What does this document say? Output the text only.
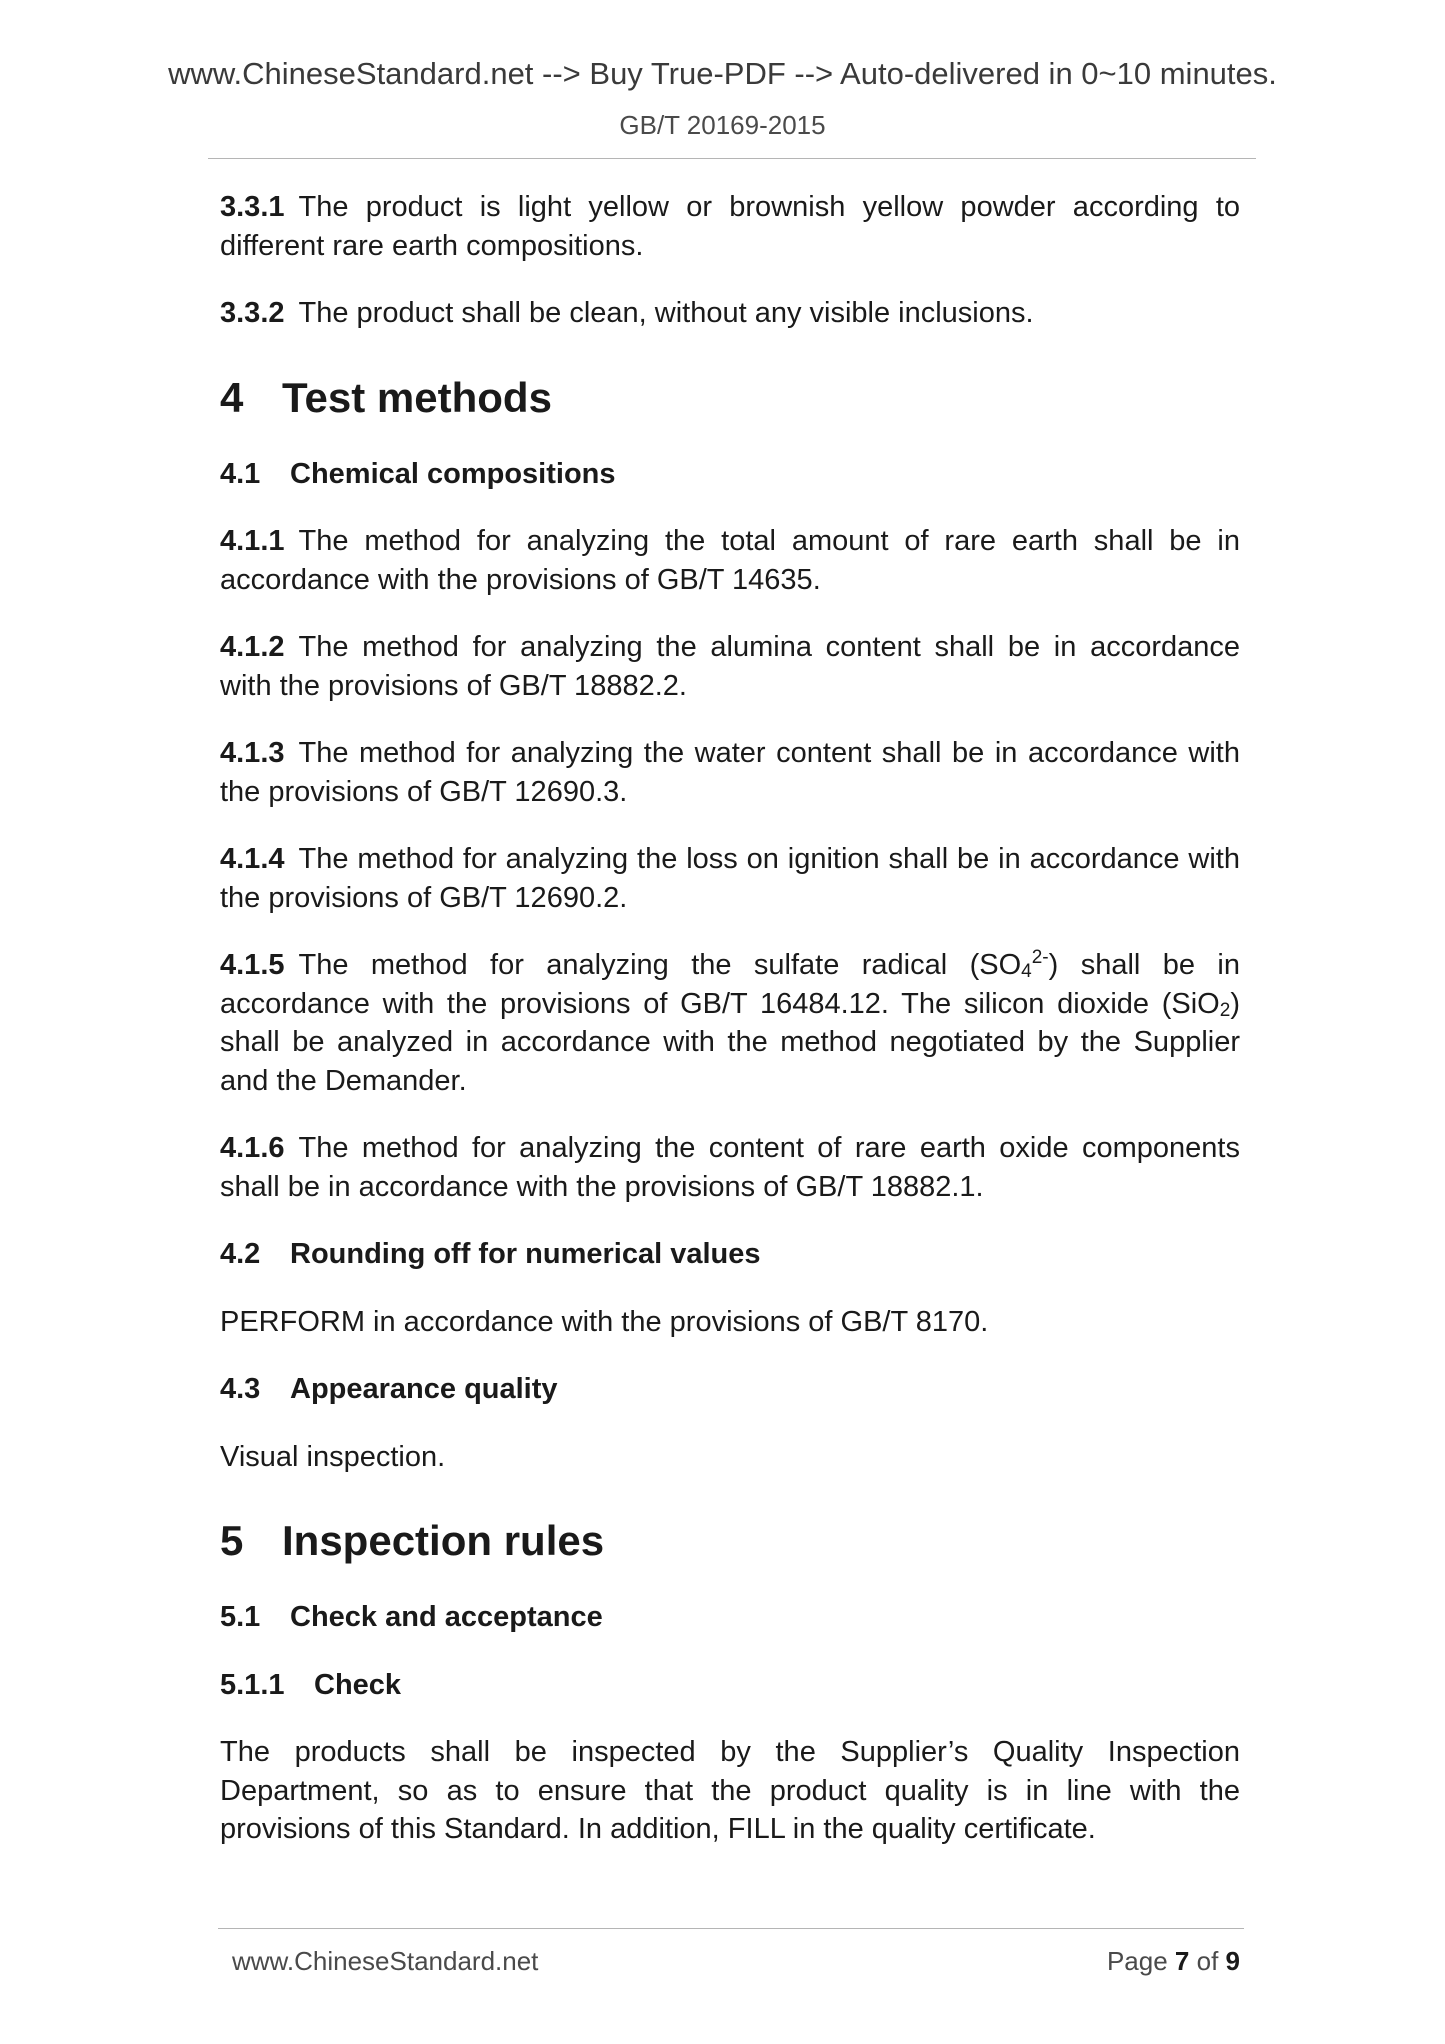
www.ChineseStandard.net --> Buy True-PDF --> Auto-delivered in 0~10 minutes.
GB/T 20169-2015

3.3.1 The product is light yellow or brownish yellow powder according to different rare earth compositions.

3.3.2 The product shall be clean, without any visible inclusions.

4 Test methods
4.1 Chemical compositions

4.1.1 The method for analyzing the total amount of rare earth shall be in accordance with the provisions of GB/T 14635.

4.1.2 The method for analyzing the alumina content shall be in accordance with the provisions of GB/T 18882.2.

4.1.3 The method for analyzing the water content shall be in accordance with the provisions of GB/T 12690.3.

4.1.4 The method for analyzing the loss on ignition shall be in accordance with the provisions of GB/T 12690.2.

4.1.5 The method for analyzing the sulfate radical $(SO_4^{2-})$ shall be in accordance with the provisions of GB/T 16484.12. The silicon dioxide (SiO$_2$) shall be analyzed in accordance with the method negotiated by the Supplier and the Demander.

4.1.6 The method for analyzing the content of rare earth oxide components shall be in accordance with the provisions of GB/T 18882.1.

4.2 Rounding off for numerical values

PERFORM in accordance with the provisions of GB/T 8170.

4.3 Appearance quality

Visual inspection.

5 Inspection rules
5.1 Check and acceptance
5.1.1 Check

The products shall be inspected by the Supplier’s Quality Inspection Department, so as to ensure that the product quality is in line with the provisions of this Standard. In addition, FILL in the quality certificate.

www.ChineseStandard.net	Page 7 of 9
